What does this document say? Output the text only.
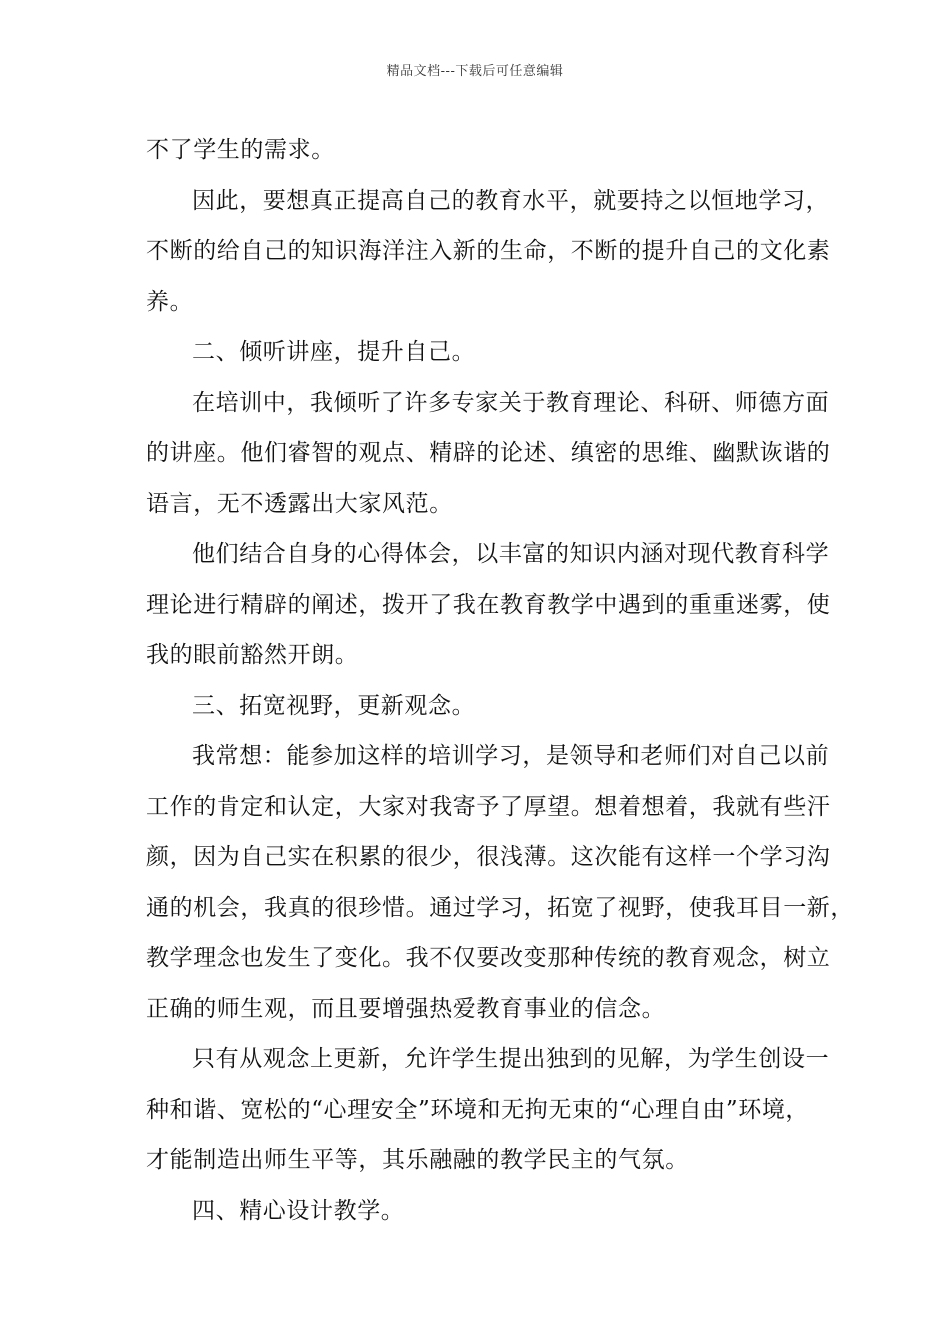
精品文档---下载后可任意编辑
不了学生的需求。
因此，要想真正提高自己的教育水平，就要持之以恒地学习，
不断的给自己的知识海洋注入新的生命，不断的提升自己的文化素
养。
二、倾听讲座，提升自己。
在培训中，我倾听了许多专家关于教育理论、科研、师德方面
的讲座。他们睿智的观点、精辟的论述、缜密的思维、幽默诙谐的
语言，无不透露出大家风范。
他们结合自身的心得体会，以丰富的知识内涵对现代教育科学
理论进行精辟的阐述，拨开了我在教育教学中遇到的重重迷雾，使
我的眼前豁然开朗。
三、拓宽视野，更新观念。
我常想：能参加这样的培训学习，是领导和老师们对自己以前
工作的肯定和认定，大家对我寄予了厚望。想着想着，我就有些汗
颜，因为自己实在积累的很少，很浅薄。这次能有这样一个学习沟
通的机会，我真的很珍惜。通过学习，拓宽了视野，使我耳目一新，
教学理念也发生了变化。我不仅要改变那种传统的教育观念，树立
正确的师生观，而且要增强热爱教育事业的信念。
只有从观念上更新，允许学生提出独到的见解，为学生创设一
种和谐、宽松的“心理安全”环境和无拘无束的“心理自由”环境，
才能制造出师生平等，其乐融融的教学民主的气氛。
四、精心设计教学。
